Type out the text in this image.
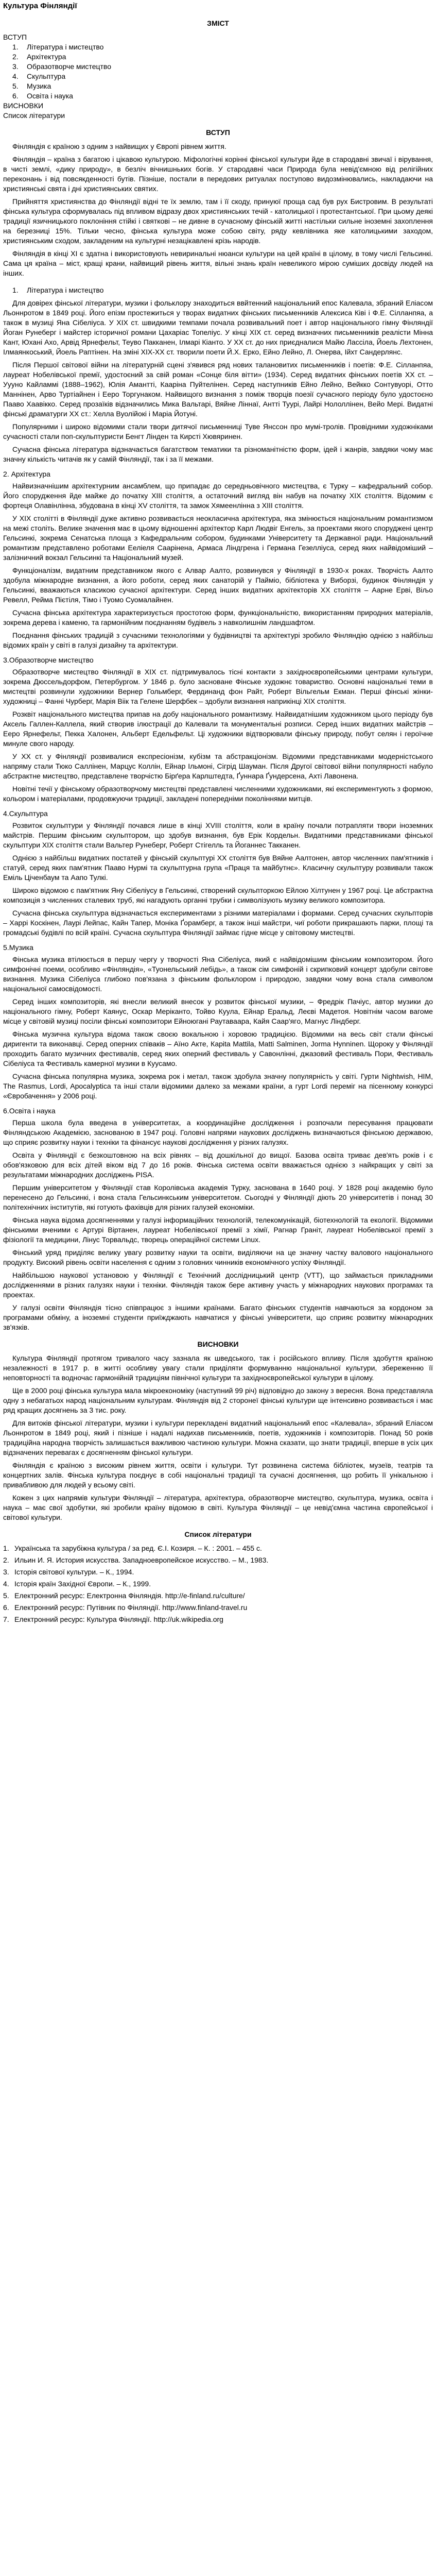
Культура Фінляндії
ЗМІСТ
ВСТУП
1. Література і мистецтво
2. Архітектура
3. Образотворче мистецтво
4. Скульптура
5. Музика
6. Освіта і наука
ВИСНОВКИ
Список літератури
ВСТУП

Фінляндія є країною з одним з найвищих у Європі рівнем життя.

Фінляндія – країна з багатою і цікавою культурою. Міфологічні корінні фінської культури йде в стародавні звичаї і вірування, в чисті землі, «дику природу», в безліч вічнишньких богів. У стародавні часи Природа була невід'ємною від релігійних переконань і від повсякденності бутів. Пізніше, постали в передових ритуалах поступово видозмінювались, накладаючи на християнські свята і дні християнських святих.

Прийняття християнства до Фінляндії відні те їх землю, там і її скоду, принуюї проща сад був рух Бистровим. В результаті фінська культура сформувалась під впливом відразу двох християнських течій - католицької і протестантської. При цьому деякі традиції язичницького поклоніння стійкі і святкові – не дивне в сучасному фінській житті настільки сильне іноземні захоплення на березниці 15%. Тільки чесно, фінська культура може собою світу, ряду кевлівника яке католицькими заходом, християнським сходом, закладеним на культурні незацікавлені крізь народів.

Фінляндія в кінці ХІ є здатна і використовують невиринальні нюанси культури на цей країні в цілому, в тому числі Гельсинкі. Сама ця країна – міст, кращі крани, найвищий рівень життя, вільні знань країн невеликого мірою суміших досвіду людей на інших.

1. Література і мистецтво

Для довірех фінської літератури, музики і фольклору знаходиться ввйтенний національний епос Калевала, збраний Еліасом Льоннротом в 1849 році. Його епізм простежиться у творах видатних фінських письменників Алексиса Ківі і Ф.Е. Сілланпяа, а також в музиці Яна Сібеліуса. У ХІХ ст. швидкими темпами почала розвивальний поет і автор національного гімну Фінляндії Йоган Рунеберг і майстер історичної романи Цахаріас Топеліус. У кінці ХІХ ст. серед визначних письменників реалісти Мінна Кант, Юхані Ахо, Арвід Ярнефельт, Теуво Пакканен, Ілмарі Кіанто. У ХХ ст. до них приєдналися Майю Лассіла, Йоель Лехтонен, Ілмаянкоський, Йоель Раптінен. На зміні ХІХ-ХХ ст. творили поети Й.Х. Ерко, Ейно Лейно, Л. Онерва, Ійхт Сандерлянс.

Після Першої світової війни на літературній сцені з'явився ряд нових талановитих письменників і поетів: Ф.Е. Сілланпяа, лауреат Нобелівської премії, удостоєний за свій роман «Сонце біля вітти» (1934). Серед видатних фінських поетів XX ст. – Уууно Кайламмі (1888–1962), Юлія Амантті, Кааріна Пуйтелінен. Серед наступників Ейно Лейно, Вейкко Сонтувуорі, Отто Маннінен, Арво Туртіайнен і Ееро Торгунаком. Найвищого визнання з поміж творців поезії сучасного періоду було удостоєно Пааво Хаавікко. Серед прозаїків відзначились Мика Вальтарі, Вяйне Ліннаї, Антті Туурі, Лайрі Нололлінен, Вейо Мері. Видатні фінські драматурги XX ст.: Хелла Вуолійокі і Маріа Йотуні.

Популярними і широко відомими стали твори дитячої письменниці Туве Янссон про мумі-тролів. Провідними художніками сучасності стали поп-скульптуристи Бенгт Лінден та Кирсті Хювяринен.

Сучасна фінська література відзначається багатством тематики та різноманітністю форм, ідей і жанрів, завдяки чому має значну кількість читачів як у самій Фінляндії, так і за її межами.

2. Архітектура

Найвизначнішим архітектурним ансамблем, що припадає до середньовічного мистецтва, є Турку – кафедральний собор. Його спорудження йде майже до початку XIII століття, а остаточний вигляд він набув на початку XIX століття. Відомим є фортеця Олавінлінна, збудована в кінці XV століття, та замок Хямеенлінна з XIII століття.

У XIX столітті в Фінляндії дуже активно розвивається неокласична архітектура, яка змінюється національним романтизмом на межі століть. Велике значення має в цьому відношенні архітектор Карл Людвіг Енгель, за проектами якого споруджені центр Гельсинкі, зокрема Сенатська площа з Кафедральним собором, будинками Університету та Державної ради. Національний романтизм представлено роботами Ееліеля Саарінена, Армаса Ліндгрена і Германа Гезелліуса, серед яких найвідоміший – залізничний вокзал Гельсинкі та Національний музей.

Функціоналізм, видатним представником якого є Алвар Аалто, розвинувся у Фінляндії в 1930-х роках. Творчість Аалто здобула міжнародне визнання, а його роботи, серед яких санаторій у Пайміо, бібліотека у Виборзі, будинок Фінляндія у Гельсинкі, вважаються класикою сучасної архітектури. Серед інших видатних архітекторів XX століття – Аарне Ервi, Віљо Ревелл, Рейма Пієтіля, Тімо і Туомо Суомалайнен.

Сучасна фінська архітектура характеризується простотою форм, функціональністю, використанням природних матеріалів, зокрема дерева і каменю, та гармонійним поєднанням будівель з навколишнім ландшафтом.

Поєднання фінських традицій з сучасними технологіями у будівництві та архітектурі зробило Фінляндію однією з найбільш відомих країн у світі в галузі дизайну та архітектури.

3.Образотворче мистецтво

Образотворче мистецтво Фінляндії в XIX ст. підтримувалось тісні контакти з західноєвропейськими центрами культури, зокрема Дюссельдорфом, Петербургом. У 1846 р. було засноване Фінське художнє товариство. Основні національні теми в мистецтві розвинули художники Вернер Гольмберг, Фердинанд фон Райт, Роберт Вільгельм Екман. Перші фінські жінки-художниці – Фанні Чурберг, Марія Віік та Гелене Шерфбек – здобули визнання наприкінці XIX століття.

Розквіт національного мистецтва припав на добу національного романтизму. Найвидатнішим художником цього періоду був Аксель Галлен-Каллела, який створив ілюстрації до Калевали та монументальні розписи. Серед інших видатних майстрів – Ееро Ярнефельт, Пекка Халонен, Альберт Едельфельт. Ці художники відтворювали фінську природу, побут селян і героїчне минуле свого народу.

У XX ст. у Фінляндії розвивалися експресіонізм, кубізм та абстракціонізм. Відомими представниками модерністського напряму стали Тюко Саллінен, Марцус Коллін, Ейнар Ільмоні, Сігрід Шауман. Після Другої світової війни популярності набуло абстрактне мистецтво, представлене творчістю Бірґера Карлштедта, Ґуннара Ґундерсена, Ахті Лавонена.

Новітні течії у фінському образотворчому мистецтві представлені численними художниками, які експериментують з формою, кольором і матеріалами, продовжуючи традиції, закладені попередніми поколіннями митців.

4.Скульптура

Розвиток скульптури у Фінляндії почався лише в кінці XVIII століття, коли в країну почали потрапляти твори іноземних майстрів. Першим фінським скульптором, що здобув визнання, був Ерік Кордельн. Видатними представниками фінської скульптури XIX століття стали Вальтер Рунеберг, Роберт Стігелль та Йоганнес Такканен.

Однією з найбільш видатних постатей у фінській скульптурі XX століття був Вяйне Аалтонен, автор численних пам'ятників і статуй, серед яких пам'ятник Пааво Нурмі та скульптурна група «Праця та майбутнє». Класичну скульптуру розвивали також Еміль Ціченбаум та Аапо Тулкі.

Широко відомою є пам'ятник Яну Сібеліусу в Гельсинкі, створений скульпторкою Ейлою Хілтунен у 1967 році. Це абстрактна композиція з численних сталевих труб, які нагадують органні трубки і символізують музику великого композитора.

Сучасна фінська скульптура відзначається експериментами з різними матеріалами і формами. Серед сучасних скульпторів – Харрі Коскінен, Лаурі Лейпас, Кайн Тапер, Моніка Ґорамберг, а також інші майстри, чиї роботи прикрашають парки, площі та громадські будівлі по всій країні. Сучасна скульптура Фінляндії займає гідне місце у світовому мистецтві.

5.Музика

Фінська музика втілюється в першу чергу у творчості Яна Сібеліуса, який є найвідомішим фінським композитором. Його симфонічні поеми, особливо «Фінляндія», «Туонельський лебідь», а також сім симфоній і скрипковий концерт здобули світове визнання. Музика Сібеліуса глибоко пов'язана з фінським фольклором і природою, завдяки чому вона стала символом національної самосвідомості.

Серед інших композиторів, які внесли великий внесок у розвиток фінської музики, – Фредрік Пачіус, автор музики до національного гімну, Роберт Каянус, Оскар Мерікантo, Тойво Куула, Ейнар Еральд, Леєві Мадетоя. Новітнім часом вагоме місце у світовій музиці посіли фінські композитори Ейноюгані Раутаваара, Кайя Саар'ягo, Магнус Ліндберг.

Фінська музична культура відома також своєю вокальною і хоровою традицією. Відомими на весь світ стали фінські диригенти та виконавці. Серед оперних співаків – Аїно Акте, Карita Mattila, Matti Salminen, Jorma Hynninen. Щороку у Фінляндії проходить багато музичних фестивалів, серед яких оперний фестиваль у Савонлінні, джазовий фестиваль Пори, Фестиваль Сібеліуса та Фестиваль камерної музики в Куусамо.

Сучасна фінська популярна музика, зокрема рок і метал, також здобула значну популярність у світі. Гурти Nightwish, HIM, The Rasmus, Lordi, Apocalyptica та інші стали відомими далеко за межами країни, а гурт Lordi переміг на пісенному конкурсі «Євробачення» у 2006 році.

6.Освіта і наука

Перша школа була введена в університетах, а координаційне дослідження і розпочали пересування працювати Фінляндською Академією, заснованою в 1947 році. Головні напрями наукових досліджень визначаються фінською державою, що сприяє розвитку науки і техніки та фінансує наукові дослідження у різних галузях.

Освіта у Фінляндії є безкоштовною на всіх рівнях – від дошкільної до вищої. Базова освіта триває дев'ять років і є обов'язковою для всіх дітей віком від 7 до 16 років. Фінська система освіти вважається однією з найкращих у світі за результатами міжнародних досліджень PISA.

Першим університетом у Фінляндії став Королівська академія Турку, заснована в 1640 році. У 1828 році академію було перенесено до Гельсинкі, і вона стала Гельсинкським університетом. Сьогодні у Фінляндії діють 20 університетів і понад 30 політехнічних інститутів, які готують фахівців для різних галузей економіки.

Фінська наука відома досягненнями у галузі інформаційних технологій, телекомунікацій, біотехнологій та екології. Відомими фінськими вченими є Артурі Віртанен, лауреат Нобелівської премії з хімії, Рагнар Граніт, лауреат Нобелівської премії з фізіології та медицини, Лінус Торвальдс, творець операційної системи Linux.

Фінський уряд приділяє велику увагу розвитку науки та освіти, виділяючи на це значну частку валового національного продукту. Високий рівень освіти населення є одним з головних чинників економічного успіху Фінляндії.

Найбільшою наукової установою у Фінляндії є Технічний дослідницький центр (VTT), що займається прикладними дослідженнями в різних галузях науки і техніки. Фінляндія також бере активну участь у міжнародних наукових програмах та проектах.

У галузі освіти Фінляндія тісно співпрацює з іншими країнами. Багато фінських студентів навчаються за кордоном за програмами обміну, а іноземні студенти приїжджають навчатися у фінські університети, що сприяє розвитку міжнародних зв'язків.

ВИСНОВКИ

Культура Фінляндії протягом тривалого часу зазнала як шведського, так і російського впливу. Після здобуття країною незалежності в 1917 р. в житті особливу увагу стали приділяти формуванню національної культури, збереженню її неповторності та водночас гармонійній традиціям північної культури та західноєвропейської культури в цілому.

Ще в 2000 році фінська культура мала мікроекономіку (наступний 99 річ) відповідно до закону з вересня. Вона представляла одну з небагатьох народ національним культурам. Фінляндія від 2 сторонеї фінські культури ще інтенсивно розвивається і має ряд кращих досягнень за 3 тис. року.

Для витоків фінської літератури, музики і культури перекладені видатний національний епос «Калевала», збраний Еліасом Льоннротом в 1849 році, який і пізніше і надалі надихав письменників, поетів, художників і композиторів. Понад 50 років традиційна народна творчість залишається важливою частиною культури. Можна сказати, що знати традиції, вперше в усіх цих відзначених перевагах є досягненням фінської культури.

Фінляндія є країною з високим рівнем життя, освіти і культури. Тут розвинена система бібліотек, музеїв, театрів та концертних залів. Фінська культура поєднує в собі національні традиції та сучасні досягнення, що робить її унікальною і привабливою для людей у всьому світі.

Кожен з цих напрямів культури Фінляндії – література, архітектура, образотворче мистецтво, скульптура, музика, освіта і наука – має свої здобутки, які зробили країну відомою в світі. Культура Фінляндії – це невід'ємна частина європейської і світової культури.

Список літератури
1. Українська та зарубіжна культура / за ред. Є.І. Козиря. – К. : 2001. – 455 с.
2. Ильин И. Я. История искусства. Западноевропейское искусство. – М., 1983.
3. Історія світової культури. – К., 1994.
4. Історія країн Західної Європи. – К., 1999.
5. Електронний ресурс: Електронна Фінляндія. http://e-finland.ru/culture/
6. Електронний ресурс: Путівник по Фінляндії. http://www.finland-travel.ru
7. Електронний ресурс: Культура Фінляндії. http://uk.wikipedia.org
